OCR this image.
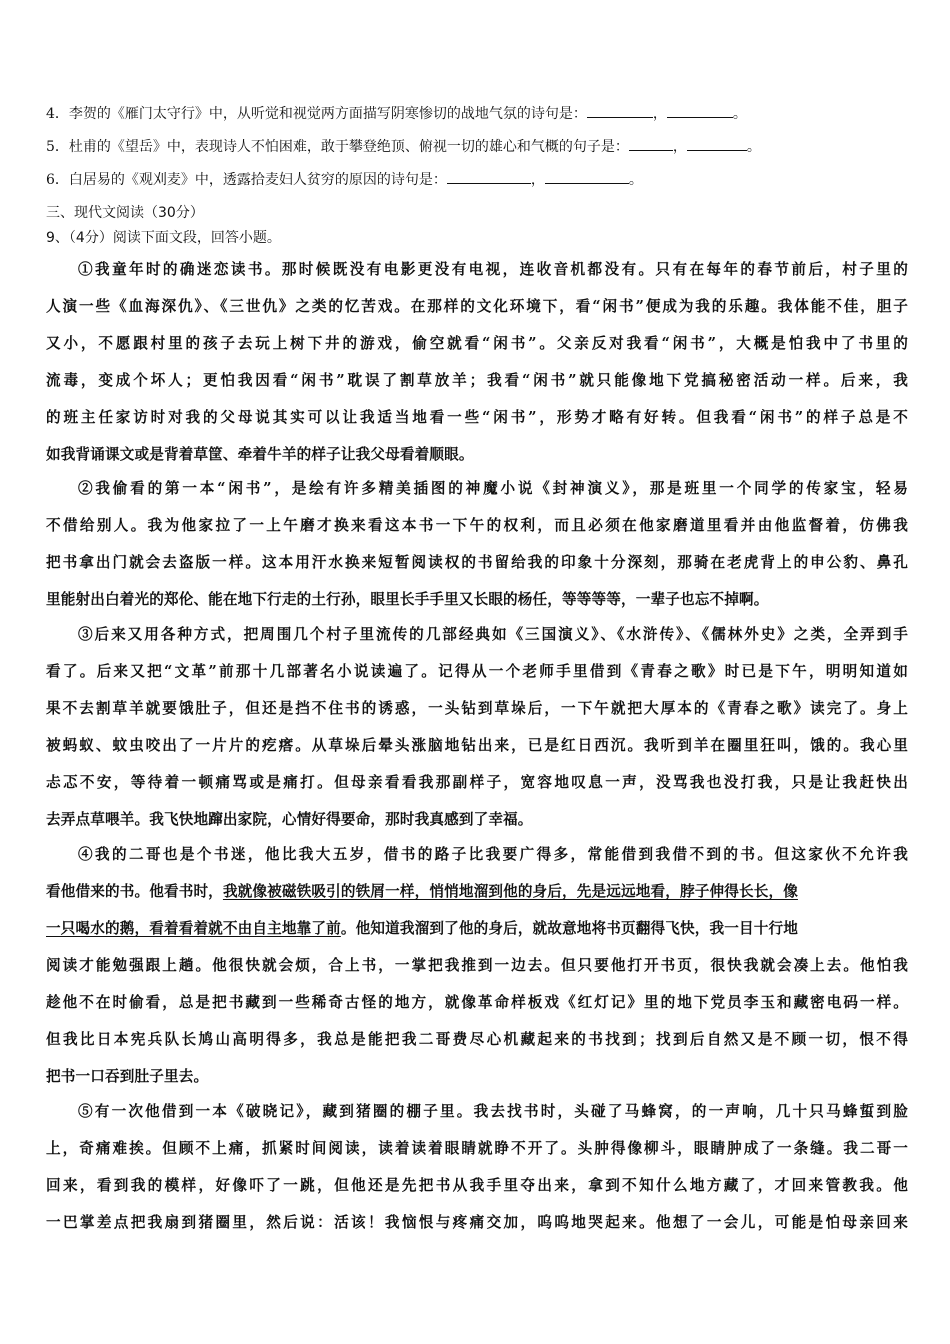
4．李贺的《雁门太守行》中，从听觉和视觉两方面描写阴寒惨切的战地气氛的诗句是：	，	。
5．杜甫的《望岳》中，表现诗人不怕困难，敢于攀登绝顶、俯视一切的雄心和气概的句子是：	，	。
6．白居易的《观刈麦》中，透露拾麦妇人贫穷的原因的诗句是：	，	。
三、现代文阅读（30分）
9、（4分）阅读下面文段，回答小题。
①我童年时的确迷恋读书。那时候既没有电影更没有电视，连收音机都没有。只有在每年的春节前后，村子里的
人演一些《血海深仇》、《三世仇》之类的忆苦戏。在那样的文化环境下，看“闲书”便成为我的乐趣。我体能不佳，胆子
又小，不愿跟村里的孩子去玩上树下井的游戏，偷空就看“闲书”。父亲反对我看“闲书”，大概是怕我中了书里的
流毒，变成个坏人；更怕我因看“闲书”耽误了割草放羊；我看“闲书”就只能像地下党搞秘密活动一样。后来，我
的班主任家访时对我的父母说其实可以让我适当地看一些“闲书”，形势才略有好转。但我看“闲书”的样子总是不
如我背诵课文或是背着草筐、牵着牛羊的样子让我父母看着顺眼。
②我偷看的第一本“闲书”，是绘有许多精美插图的神魔小说《封神演义》，那是班里一个同学的传家宝，轻易
不借给别人。我为他家拉了一上午磨才换来看这本书一下午的权利，而且必须在他家磨道里看并由他监督着，仿佛我
把书拿出门就会去盗版一样。这本用汗水换来短暂阅读权的书留给我的印象十分深刻，那骑在老虎背上的申公豹、鼻孔
里能射出白着光的郑伦、能在地下行走的土行孙，眼里长手手里又长眼的杨任，等等等等，一辈子也忘不掉啊。
③后来又用各种方式，把周围几个村子里流传的几部经典如《三国演义》、《水浒传》、《儒林外史》之类，全弄到手
看了。后来又把“文革”前那十几部著名小说读遍了。记得从一个老师手里借到《青春之歌》时已是下午，明明知道如
果不去割草羊就要饿肚子，但还是挡不住书的诱惑，一头钻到草垛后，一下午就把大厚本的《青春之歌》读完了。身上
被蚂蚁、蚊虫咬出了一片片的疙瘩。从草垛后晕头涨脑地钻出来，已是红日西沉。我听到羊在圈里狂叫，饿的。我心里
忐忑不安，等待着一顿痛骂或是痛打。但母亲看看我那副样子，宽容地叹息一声，没骂我也没打我，只是让我赶快出
去弄点草喂羊。我飞快地蹿出家院，心情好得要命，那时我真感到了幸福。
④我的二哥也是个书迷，他比我大五岁，借书的路子比我要广得多，常能借到我借不到的书。但这家伙不允许我
看他借来的书。他看书时，我就像被磁铁吸引的铁屑一样，悄悄地溜到他的身后，先是远远地看，脖子伸得长长，像
一只喝水的鹅，看着看着就不由自主地靠了前。他知道我溜到了他的身后，就故意地将书页翻得飞快，我一目十行地
阅读才能勉强跟上趟。他很快就会烦，合上书，一掌把我推到一边去。但只要他打开书页，很快我就会凑上去。他怕我
趁他不在时偷看，总是把书藏到一些稀奇古怪的地方，就像革命样板戏《红灯记》里的地下党员李玉和藏密电码一样。
但我比日本宪兵队长鸠山高明得多，我总是能把我二哥费尽心机藏起来的书找到；找到后自然又是不顾一切，恨不得
把书一口吞到肚子里去。
⑤有一次他借到一本《破晓记》，藏到猪圈的棚子里。我去找书时，头碰了马蜂窝，的一声响，几十只马蜂蜇到脸
上，奇痛难挨。但顾不上痛，抓紧时间阅读，读着读着眼睛就睁不开了。头肿得像柳斗，眼睛肿成了一条缝。我二哥一
回来，看到我的模样，好像吓了一跳，但他还是先把书从我手里夺出来，拿到不知什么地方藏了，才回来管教我。他
一巴掌差点把我扇到猪圈里，然后说：活该！我恼恨与疼痛交加，呜呜地哭起来。他想了一会儿，可能是怕母亲回来
